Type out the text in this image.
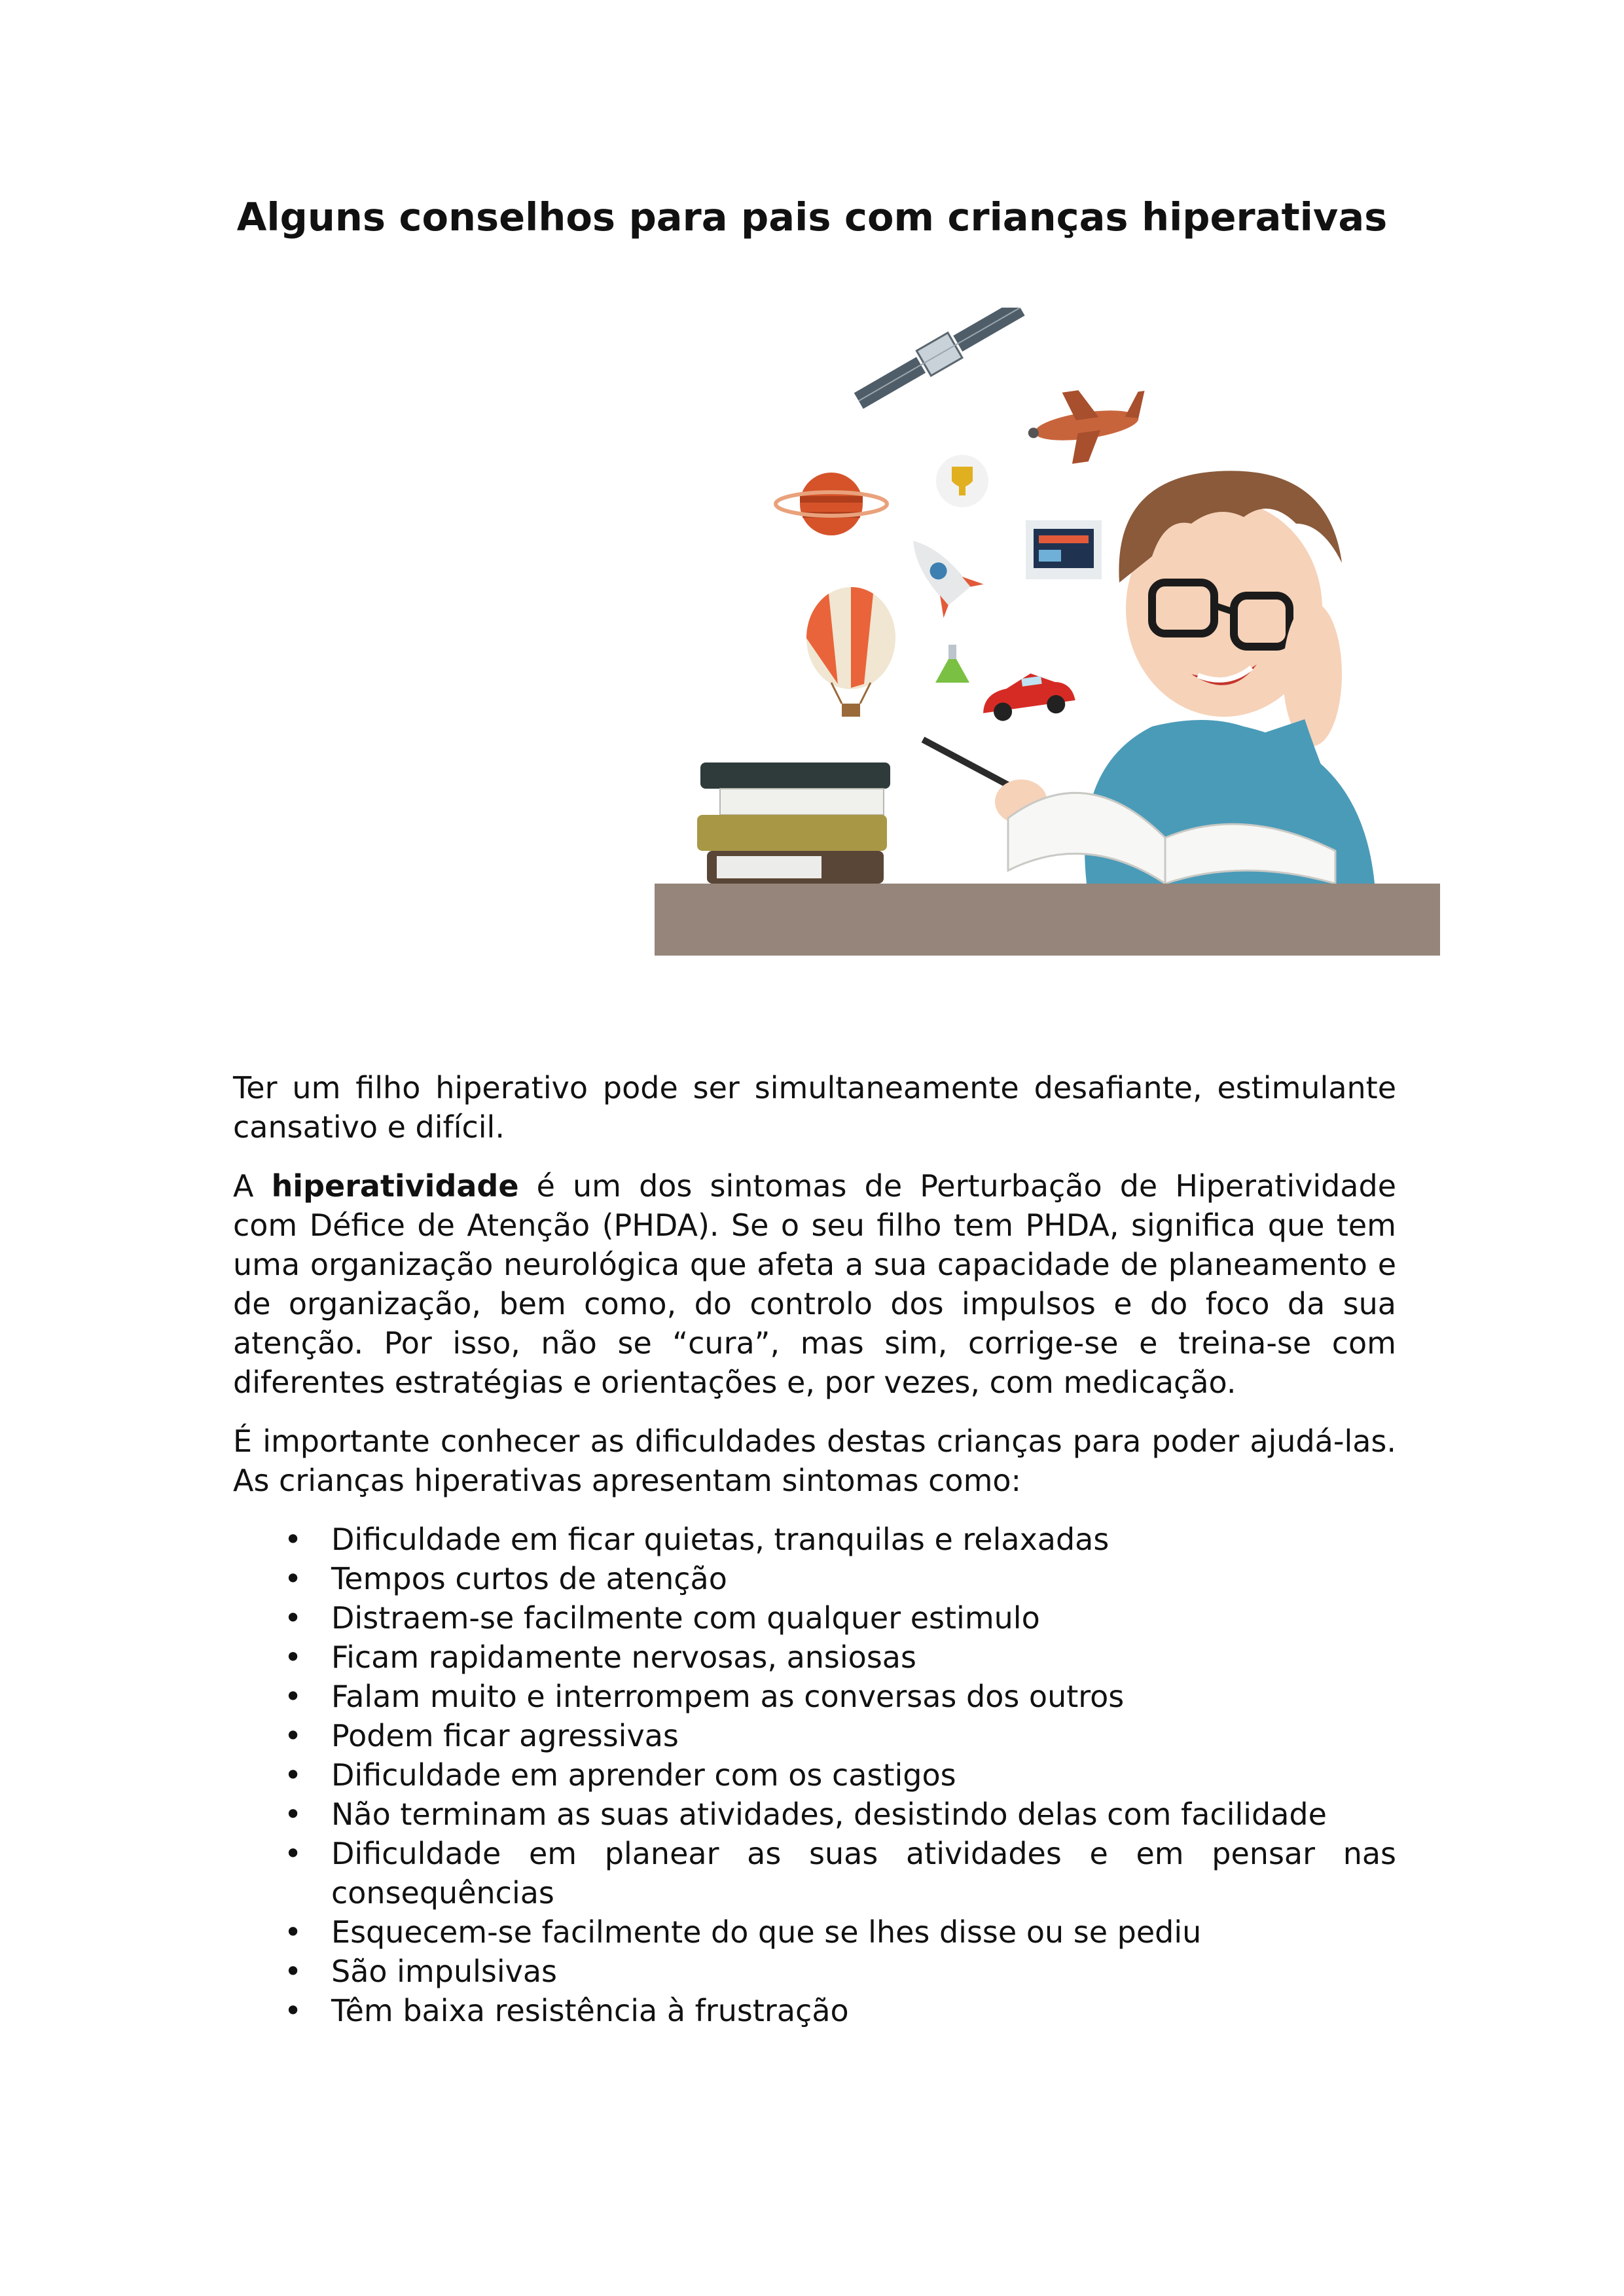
Alguns conselhos para pais com crianças hiperativas

Ter um filho hiperativo pode ser simultaneamente desafiante, estimulante cansativo e difícil.

A hiperatividade é um dos sintomas de Perturbação de Hiperatividade com Défice de Atenção (PHDA). Se o seu filho tem PHDA, significa que tem uma organização neurológica que afeta a sua capacidade de planeamento e de organização, bem como, do controlo dos impulsos e do foco da sua atenção. Por isso, não se “cura”, mas sim, corrige-se e treina-se com diferentes estratégias e orientações e, por vezes, com medicação.

É importante conhecer as dificuldades destas crianças para poder ajudá-las. As crianças hiperativas apresentam sintomas como:

• Dificuldade em ficar quietas, tranquilas e relaxadas
• Tempos curtos de atenção
• Distraem-se facilmente com qualquer estimulo
• Ficam rapidamente nervosas, ansiosas
• Falam muito e interrompem as conversas dos outros
• Podem ficar agressivas
• Dificuldade em aprender com os castigos
• Não terminam as suas atividades, desistindo delas com facilidade
• Dificuldade em planear as suas atividades e em pensar nas consequências
• Esquecem-se facilmente do que se lhes disse ou se pediu
• São impulsivas
• Têm baixa resistência à frustração
